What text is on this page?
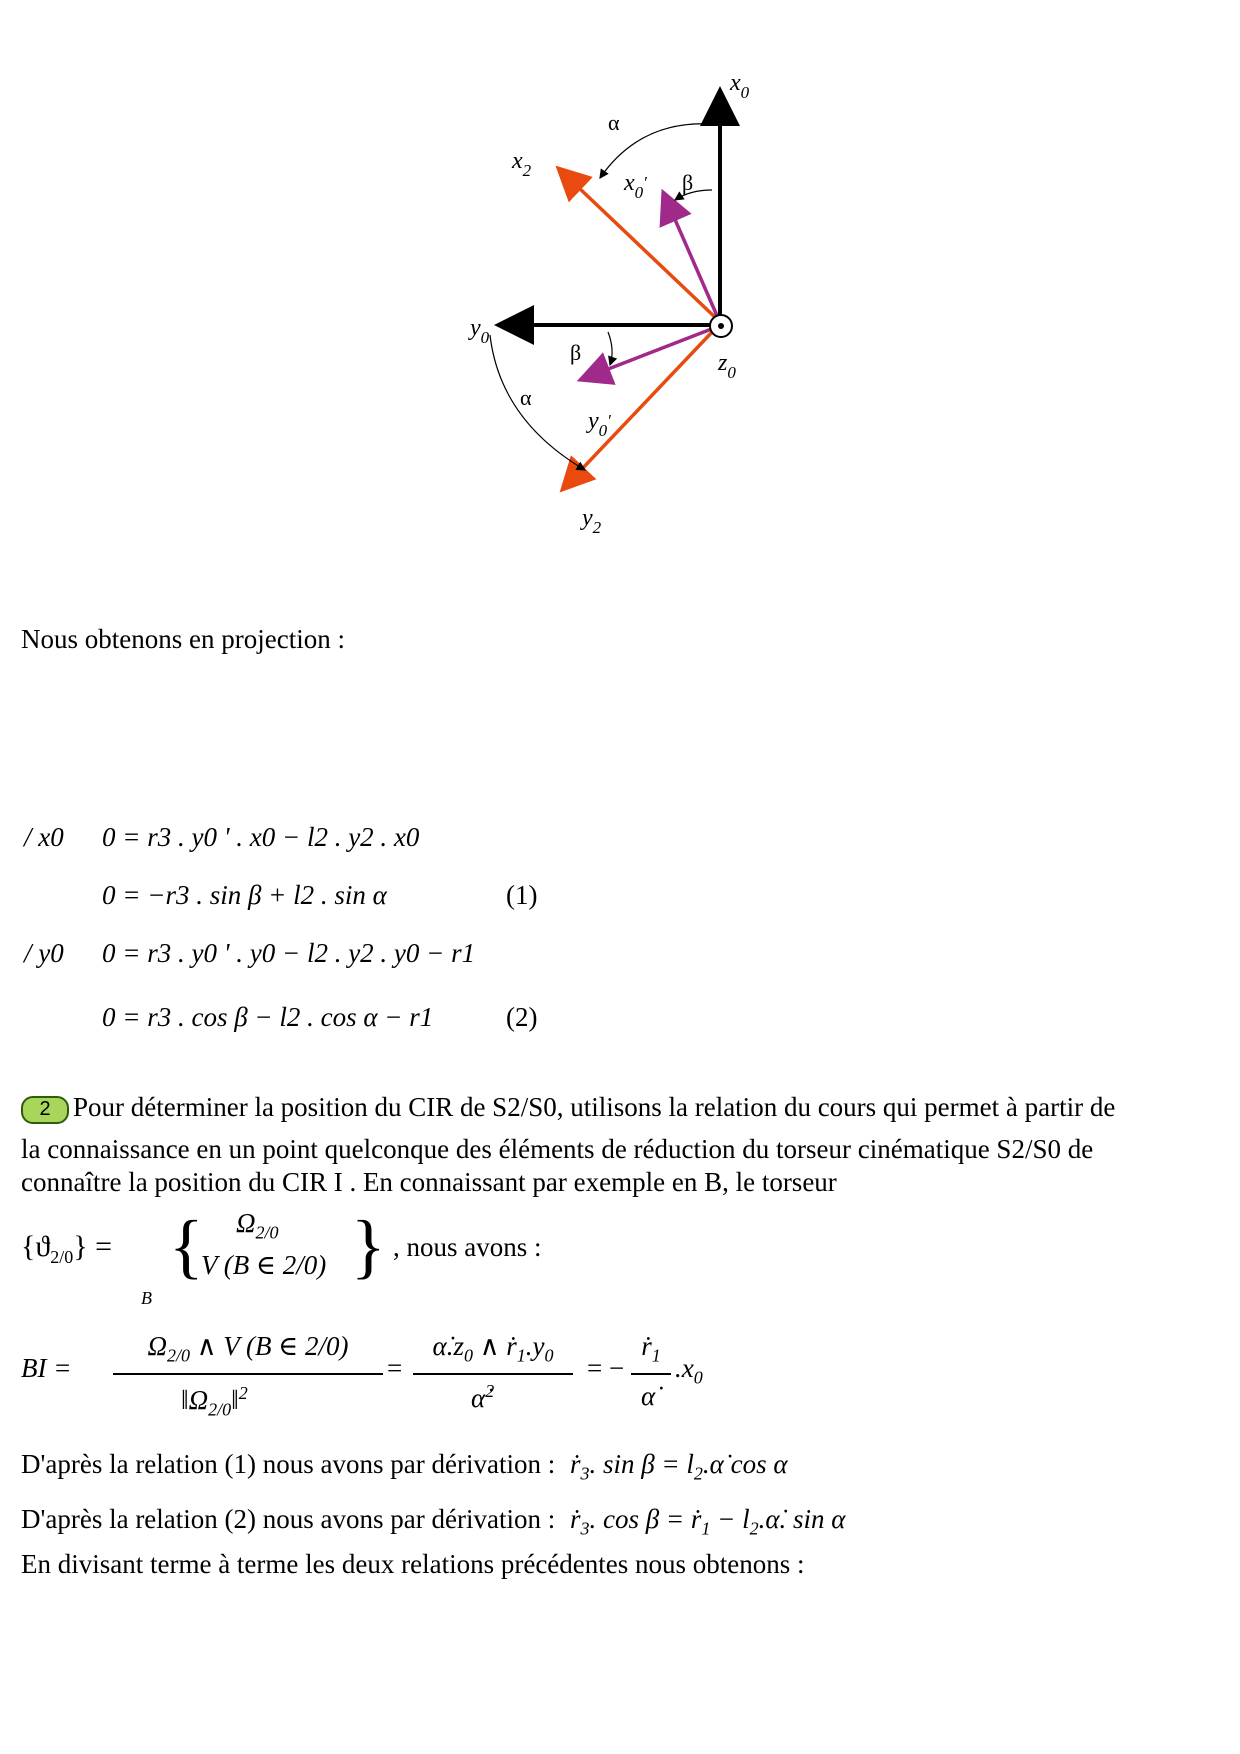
$x_0$
$x_2$	$x_0'$
$y_0$
$y_0'$
$y_2$
$z_0$
α
β
β
α
Nous obtenons en projection :
/ x0 0 = r3 . y0 ' . x0 − l2 . y2 . x0
0 = −r3 . sin β + l2 . sin α	(1)
/ y0 0 = r3 . y0 ' . y0 − l2 . y2 . y0 − r1
0 = r3 . cos β − l2 . cos α − r1	(2)
2 Pour déterminer la position du CIR de S2/S0, utilisons la relation du cours qui permet à partir de
la connaissance en un point quelconque des éléments de réduction du torseur cinématique S2/S0 de
connaître la position du CIR I . En connaissant par exemple en B, le torseur
$\{ϑ_{2/0}\}$ =
B
{ $\Omega_{2/0}$
V (B ∈ 2/0) } , nous avons :
BI =
$\Omega_{2/0}$ ∧ V (B ∈ 2/0)
$‖\Omega_{2/0}‖^2$
=
$\alphȧ.z_0$ ∧ $ṙ_1.y_0$
α̇$^2$
= −
ṙ$_1$
α̇
$.x_0$
D'après la relation (1) nous avons par dérivation : ṙ$_3$. $\sin \beta = l_2.\alphȧ$ cos α
D'après la relation (2) nous avons par dérivation : ṙ$_3$. cos β = ṙ$_1$ − $l_2.\alphȧ$. sin α
En divisant terme à terme les deux relations précédentes nous obtenons :
